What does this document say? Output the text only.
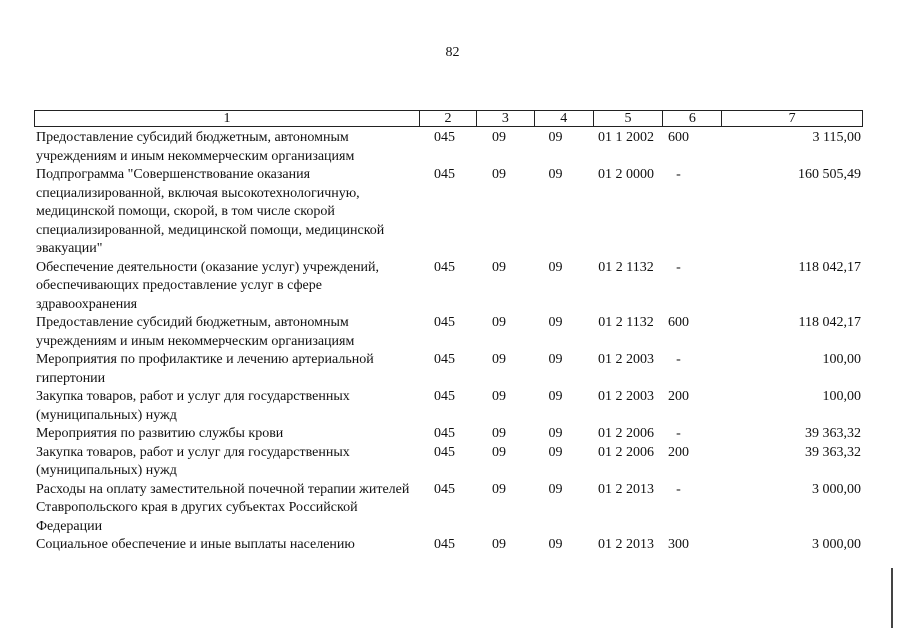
82
1	2	3	4	5	6	7
Предоставление субсидий бюджетным, автономным учреждениям и иным некоммерческим организациям
045	09	09	01 1 2002	600	3 115,00
Подпрограмма "Совершенствование оказания специализированной, включая высокотехнологичную, медицинской помощи, скорой, в том числе скорой специализированной, медицинской помощи, медицинской эвакуации"
045	09	09	01 2 0000	-	160 505,49
Обеспечение деятельности (оказание услуг) учреждений, обеспечивающих предоставление услуг в сфере здравоохранения
045	09	09	01 2 1132	-	118 042,17
Предоставление субсидий бюджетным, автономным учреждениям и иным некоммерческим организациям
045	09	09	01 2 1132	600	118 042,17
Мероприятия по профилактике и лечению артериальной гипертонии
045	09	09	01 2 2003	-	100,00
Закупка товаров, работ и услуг для государственных (муниципальных) нужд
045	09	09	01 2 2003	200	100,00
Мероприятия по развитию службы крови	045	09	09	01 2 2006	-	39 363,32
Закупка товаров, работ и услуг для государственных (муниципальных) нужд
045	09	09	01 2 2006	200	39 363,32
Расходы на оплату заместительной почечной терапии жителей Ставропольского края в других субъектах Российской Федерации
045	09	09	01 2 2013	-	3 000,00
Социальное обеспечение и иные выплаты населению	045	09	09	01 2 2013	300	3 000,00
